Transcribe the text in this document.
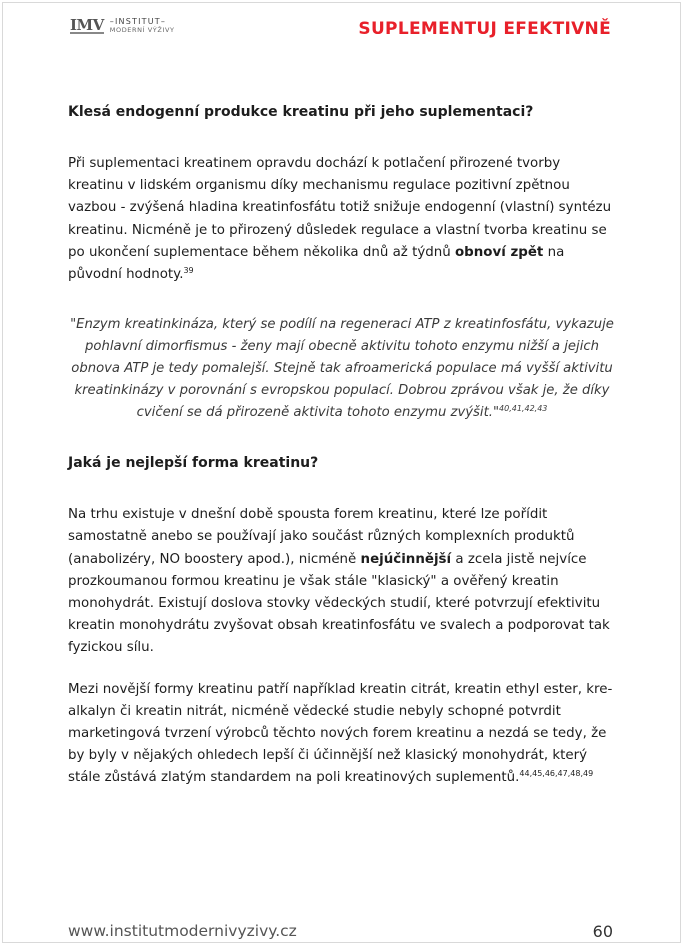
IMV –INSTITUT–
MODERNÍ VÝŽIVY	SUPLEMENTUJ EFEKTIVNĚ

Klesá endogenní produkce kreatinu při jeho suplementaci?

Při suplementaci kreatinem opravdu dochází k potlačení přirozené tvorby kreatinu v lidském organismu díky mechanismu regulace pozitivní zpětnou vazbou - zvýšená hladina kreatinfosfátu totiž snižuje endogenní (vlastní) syntézu kreatinu. Nicméně je to přirozený důsledek regulace a vlastní tvorba kreatinu se po ukončení suplementace během několika dnů až týdnů obnoví zpět na původní hodnoty.$^{39}$

"Enzym kreatinkináza, který se podílí na regeneraci ATP z kreatinfosfátu, vykazuje pohlavní dimorfismus - ženy mají obecně aktivitu tohoto enzymu nižší a jejich obnova ATP je tedy pomalejší. Stejně tak afroamerická populace má vyšší aktivitu kreatinkinázy v porovnání s evropskou populací. Dobrou zprávou však je, že díky cvičení se dá přirozeně aktivita tohoto enzymu zvýšit."$^{40,41,42,43}$

Jaká je nejlepší forma kreatinu?

Na trhu existuje v dnešní době spousta forem kreatinu, které lze pořídit samostatně anebo se používají jako součást různých komplexních produktů (anabolizéry, NO boostery apod.), nicméně nejúčinnější a zcela jistě nejvíce prozkoumanou formou kreatinu je však stále "klasický" a ověřený kreatin monohydrát. Existují doslova stovky vědeckých studií, které potvrzují efektivitu kreatin monohydrátu zvyšovat obsah kreatinfosfátu ve svalech a podporovat tak fyzickou sílu.

Mezi novější formy kreatinu patří například kreatin citrát, kreatin ethyl ester, kre-alkalyn či kreatin nitrát, nicméně vědecké studie nebyly schopné potvrdit marketingová tvrzení výrobců těchto nových forem kreatinu a nezdá se tedy, že by byly v nějakých ohledech lepší či účinnější než klasický monohydrát, který stále zůstává zlatým standardem na poli kreatinových suplementů.$^{44,45,46,47,48,49}$

www.institutmodernivyzivy.cz	60
